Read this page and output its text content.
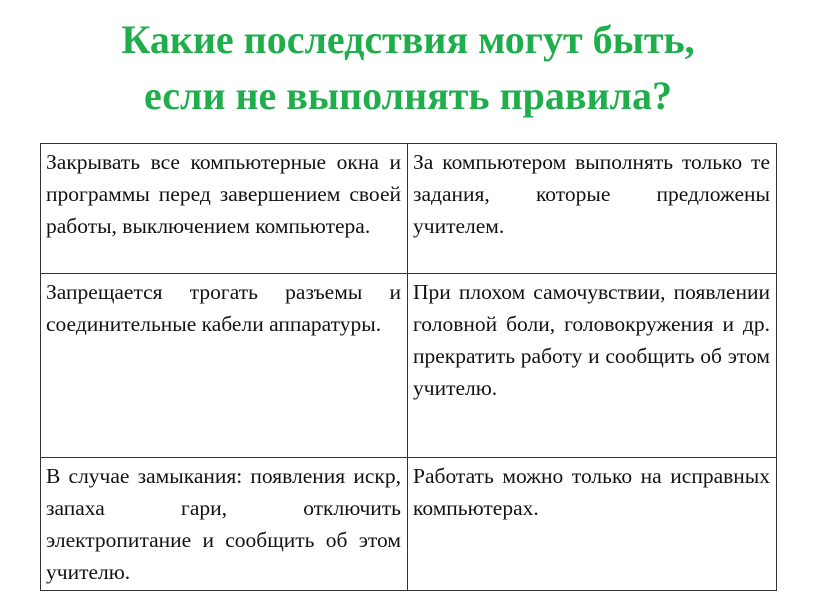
Какие последствия могут быть,
если не выполнять правила?
Закрывать все компьютерные окна и программы перед завершением своей работы, выключением компьютера.	За компьютером выполнять только те задания, которые предложены учителем.
Запрещается трогать разъемы и соединительные кабели аппаратуры.	При плохом самочувствии, появлении головной боли, головокружения и др. прекратить работу и сообщить об этом учителю.
В случае замыкания: появления искр, запаха гари, отключить электропитание и сообщить об этом учителю.	Работать можно только на исправных компьютерах.
